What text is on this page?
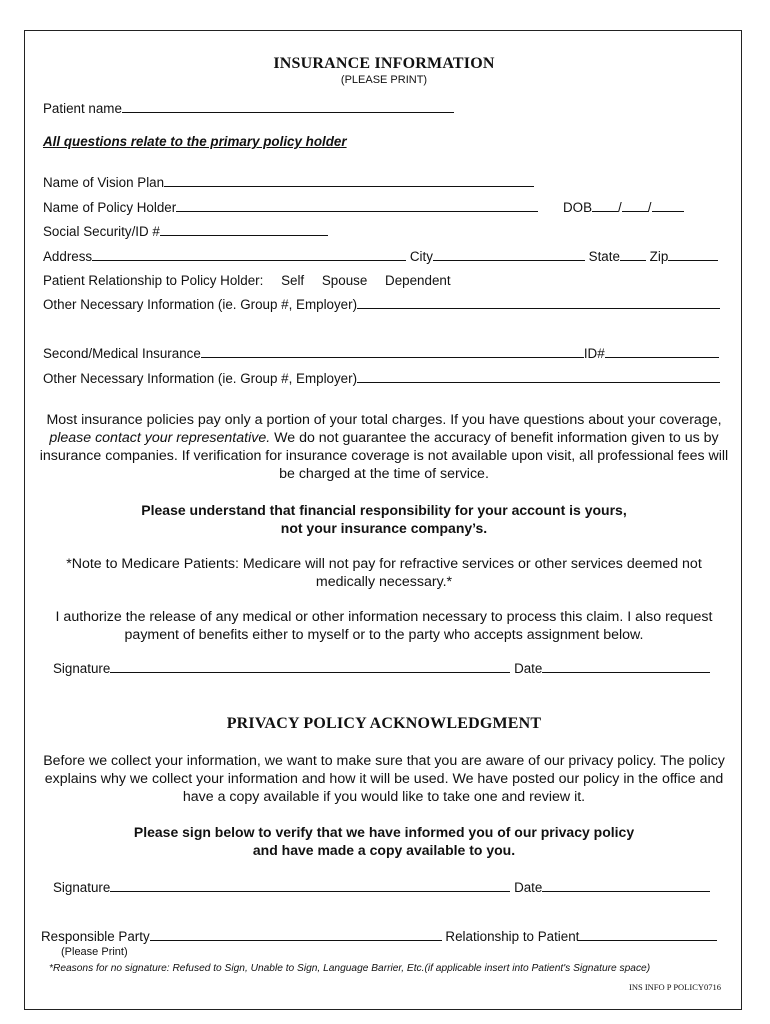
INSURANCE INFORMATION
(PLEASE PRINT)
Patient name
All questions relate to the primary policy holder
Name of Vision Plan
Name of Policy Holder	DOB / /
Social Security/ID #
Address	City	State Zip
Patient Relationship to Policy Holder: Self Spouse Dependent
Other Necessary Information (ie. Group #, Employer)
Second/Medical Insurance	ID#
Other Necessary Information (ie. Group #, Employer)
Most insurance policies pay only a portion of your total charges. If you have questions about your coverage, please contact your representative. We do not guarantee the accuracy of benefit information given to us by insurance companies. If verification for insurance coverage is not available upon visit, all professional fees will be charged at the time of service.
Please understand that financial responsibility for your account is yours,
not your insurance company’s.
*Note to Medicare Patients: Medicare will not pay for refractive services or other services deemed not medically necessary.*
I authorize the release of any medical or other information necessary to process this claim. I also request payment of benefits either to myself or to the party who accepts assignment below.
Signature	Date
PRIVACY POLICY ACKNOWLEDGMENT
Before we collect your information, we want to make sure that you are aware of our privacy policy. The policy explains why we collect your information and how it will be used. We have posted our policy in the office and have a copy available if you would like to take one and review it.
Please sign below to verify that we have informed you of our privacy policy
and have made a copy available to you.
Signature	Date
Responsible Party	Relationship to Patient
(Please Print)
*Reasons for no signature: Refused to Sign, Unable to Sign, Language Barrier, Etc.(if applicable insert into Patient's Signature space)
INS INFO P POLICY0716
